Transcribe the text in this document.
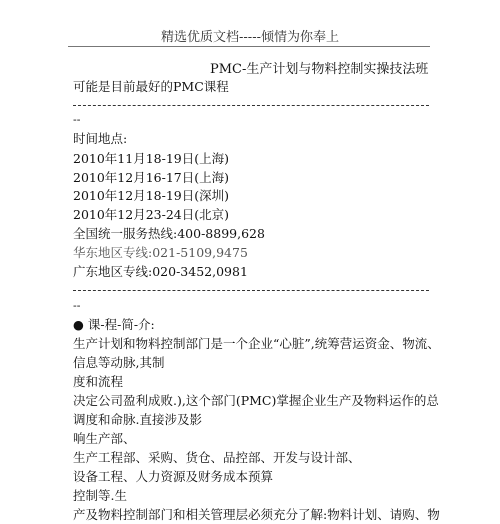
精选优质文档-----倾情为你奉上
PMC-生产计划与物料控制实操技法班
可能是目前最好的PMC课程
--
时间地点:
2010年11月18-19日(上海)
2010年12月16-17日(上海)
2010年12月18-19日(深圳)
2010年12月23-24日(北京)
全国统一服务热线:400-8899,628
华东地区专线:021-5109,9475
广东地区专线:020-3452,0981
--
● 课-程-简-介:
生产计划和物料控制部门是一个企业“心脏”,统筹营运资金、物流、
信息等动脉,其制
度和流程
决定公司盈利成败.),这个部门(PMC)掌握企业生产及物料运作的总
调度和命脉.直接涉及影
响生产部、
生产工程部、采购、货仓、品控部、开发与设计部、
设备工程、人力资源及财务成本预算
控制等.生
产及物料控制部门和相关管理层必须充分了解:物料计划、请购、物
